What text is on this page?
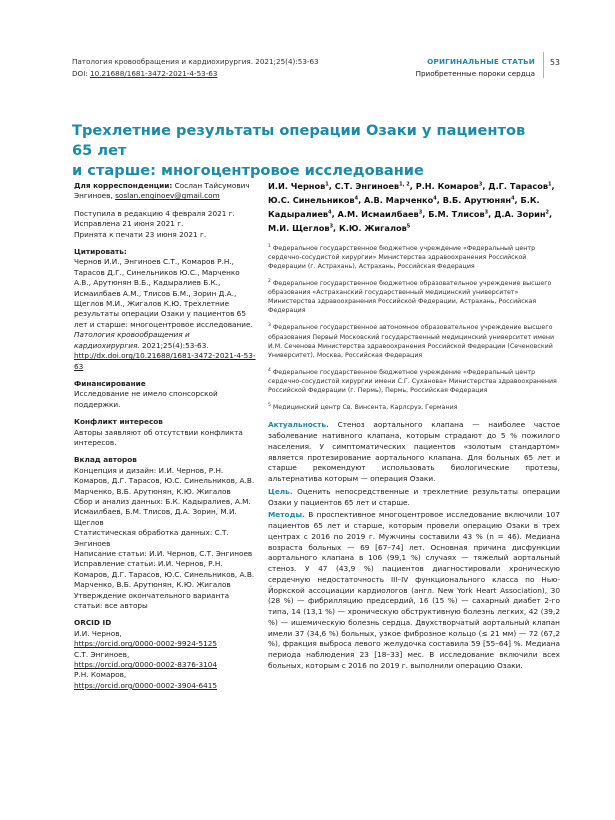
Патология кровообращения и кардиохирургия. 2021;25(4):53-63
DOI: 10.21688/1681-3472-2021-4-53-63
ОРИГИНАЛЬНЫЕ СТАТЬИ
Приобретенные пороки сердца
53
Трехлетние результаты операции Озаки у пациентов 65 лет
и старше: многоцентровое исследование
Для корреспонденции: Сослан Тайсумович Энгиноев, soslan.enginoev@gmail.com
Поступила в редакцию 4 февраля 2021 г.
Исправлена 21 июня 2021 г.
Принята к печати 23 июня 2021 г.
Цитировать:
Чернов И.И., Энгиноев С.Т., Комаров Р.Н., Тарасов Д.Г., Синельников Ю.С., Марченко А.В., Арутюнян В.Б., Кадыралиев Б.К., Исмаилбаев А.М., Тлисов Б.М., Зорин Д.А., Щеглов М.И., Жигалов К.Ю. Трехлетние результаты операции Озаки у пациентов 65 лет и старше: многоцентровое исследование. Патология кровообращения и кардиохирургия. 2021;25(4):53-63. http://dx.doi.org/10.21688/1681-3472-2021-4-53-63
Финансирование
Исследование не имело спонсорской поддержки.
Конфликт интересов
Авторы заявляют об отсутствии конфликта интересов.
Вклад авторов
Концепция и дизайн: И.И. Чернов, Р.Н. Комаров, Д.Г. Тарасов, Ю.С. Синельников, А.В. Марченко, В.Б. Арутюнян, К.Ю. Жигалов
Сбор и анализ данных: Б.К. Кадыралиев, А.М. Исмаилбаев, Б.М. Тлисов, Д.А. Зорин, М.И. Щеглов
Статистическая обработка данных: С.Т. Энгиноев
Написание статьи: И.И. Чернов, С.Т. Энгиноев
Исправление статьи: И.И. Чернов, Р.Н. Комаров, Д.Г. Тарасов, Ю.С. Синельников, А.В. Марченко, В.Б. Арутюнян, К.Ю. Жигалов
Утверждение окончательного варианта статьи: все авторы
ORCID ID
И.И. Чернов,
https://orcid.org/0000-0002-9924-5125
С.Т. Энгиноев,
https://orcid.org/0000-0002-8376-3104
Р.Н. Комаров,
https://orcid.org/0000-0002-3904-6415
И.И. Чернов$^1$, С.Т. Энгиноев$^{1, 2}$, Р.Н. Комаров$^3$, Д.Г. Тарасов$^1$, Ю.С. Синельников$^4$, А.В. Марченко$^4$, В.Б. Арутюнян$^4$, Б.К. Кадыралиев$^4$, А.М. Исмаилбаев$^3$, Б.М. Тлисов$^3$, Д.А. Зорин$^2$, М.И. Щеглов$^3$, К.Ю. Жигалов$^5$

$^1$ Федеральное государственное бюджетное учреждение «Федеральный центр сердечно-сосудистой хирургии» Министерства здравоохранения Российской Федерации (г. Астрахань), Астрахань, Российская Федерация

$^2$ Федеральное государственное бюджетное образовательное учреждение высшего образования «Астраханский государственный медицинский университет» Министерства здравоохранения Российской Федерации, Астрахань, Российская Федерация

$^3$ Федеральное государственное автономное образовательное учреждение высшего образования Первый Московский государственный медицинский университет имени И.М. Сеченова Министерства здравоохранения Российской Федерации (Сеченовский Университет), Москва, Российская Федерация

$^4$ Федеральное государственное бюджетное учреждение «Федеральный центр сердечно-сосудистой хирургии имени С.Г. Суханова» Министерства здравоохранения Российской Федерации (г. Пермь), Пермь, Российская Федерация

$^5$ Медицинский центр Св. Винсента, Карлсруэ, Германия

Актуальность. Стеноз аортального клапана — наиболее частое заболевание нативного клапана, которым страдают до 5 % пожилого населения. У симптоматических пациентов «золотым стандартом» является протезирование аортального клапана. Для больных 65 лет и старше рекомендуют использовать биологические протезы, альтернатива которым — операция Озаки.

Цель. Оценить непосредственные и трехлетние результаты операции Озаки у пациентов 65 лет и старше.

Методы. В проспективное многоцентровое исследование включили 107 пациентов 65 лет и старше, которым провели операцию Озаки в трех центрах с 2016 по 2019 г. Мужчины составили 43 % (n = 46). Медиана возраста больных — 69 [67–74] лет. Основная причина дисфункции аортального клапана в 106 (99,1 %) случаях — тяжелый аортальный стеноз. У 47 (43,9 %) пациентов диагностировали хроническую сердечную недостаточность III–IV функционального класса по Нью-Йоркской ассоциации кардиологов (англ. New York Heart Association), 30 (28 %) — фибрилляцию предсердий, 16 (15 %) — сахарный диабет 2-го типа, 14 (13,1 %) — хроническую обструктивную болезнь легких, 42 (39,2 %) — ишемическую болезнь сердца. Двухстворчатый аортальный клапан имели 37 (34,6 %) больных, узкое фиброзное кольцо (≤ 21 мм) — 72 (67,2 %), фракция выброса левого желудочка составила 59 [55–64] %. Медиана периода наблюдения 23 [18–33] мес. В исследование включили всех больных, которым с 2016 по 2019 г. выполнили операцию Озаки.
